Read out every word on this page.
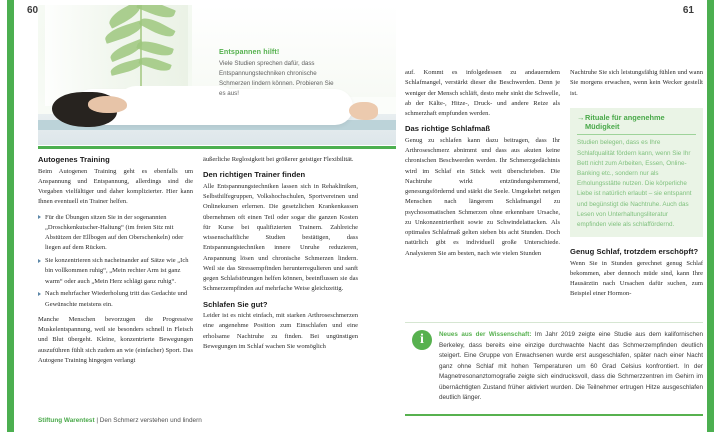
60	61

Entspannen hilft!

Viele Studien sprechen dafür, dass Entspannungstechniken chronische Schmerzen lindern können. Probieren Sie es aus!

Autogenes Training

Beim Autogenen Training geht es ebenfalls um Anspannung und Entspannung, allerdings sind die Vorgaben vielfältiger und daher komplizierter. Hier kann Ihnen eventuell ein Trainer helfen.

Für die Übungen sitzen Sie in der sogenannten „Droschkenkutscher-Haltung“ (im freien Sitz mit Abstützen der Ellbogen auf den Oberschenkeln) oder liegen auf dem Rücken.
Sie konzentrieren sich nacheinander auf Sätze wie „Ich bin vollkommen ruhig“, „Mein rechter Arm ist ganz warm“ oder auch „Mein Herz schlägt ganz ruhig“.
Nach mehrfacher Wiederholung tritt das Gedachte und Gewünschte meistens ein.

Manche Menschen bevorzugen die Progressive Muskelentspannung, weil sie besonders schnell in Fleisch und Blut übergeht. Kleine, konzentrierte Bewegungen auszuführen fühlt sich zudem an wie (einfacher) Sport. Das Autogene Training hingegen verlangt

äußerliche Reglosigkeit bei größerer geistiger Flexibilität.

Den richtigen Trainer finden

Alle Entspannungstechniken lassen sich in Rehakliniken, Selbsthilfegruppen, Volkshochschulen, Sportvereinen und Onlinekursen erlernen. Die gesetzlichen Krankenkassen übernehmen oft einen Teil oder sogar die ganzen Kosten für Kurse bei qualifizierten Trainern. Zahlreiche wissenschaftliche Studien bestätigen, dass Entspannungstechniken innere Unruhe reduzieren, Anspannung lösen und chronische Schmerzen lindern. Weil sie das Stressempfinden herunterregulieren und sanft gegen Schlafstörungen helfen können, beeinflussen sie das Schmerzempfinden auf mehrfache Weise gleichzeitig.

Schlafen Sie gut?

Leider ist es nicht einfach, mit starken Arthroseschmerzen eine angenehme Position zum Einschlafen und eine erholsame Nachtruhe zu finden. Bei ungünstigen Bewegungen im Schlaf wachen Sie womöglich

auf. Kommt es infolgedessen zu andauerndem Schlafmangel, verstärkt dieser die Beschwerden. Denn je weniger der Mensch schläft, desto mehr sinkt die Schwelle, ab der Kälte-, Hitze-, Druck- und andere Reize als schmerzhaft empfunden werden.

Das richtige Schlafmaß

Genug zu schlafen kann dazu beitragen, dass Ihr Arthroseschmerz abnimmt und dass aus akuten keine chronischen Beschwerden werden. Ihr Schmerzgedächtnis wird im Schlaf ein Stück weit überschrieben. Die Nachtruhe wirkt entzündungshemmend, genesungsfördernd und stärkt die Seele. Umgekehrt neigen Menschen nach längerem Schlafmangel zu psychosomatischen Schmerzen ohne erkennbare Ursache, zu Unkonzentriertheit sowie zu Schwindelattacken. Als optimales Schlafmaß gelten sieben bis acht Stunden. Doch natürlich gibt es individuell große Unterschiede. Analysieren Sie am besten, nach wie vielen Stunden

Nachtruhe Sie sich leistungsfähig fühlen und wann Sie morgens erwachen, wenn kein Wecker gestellt ist.

→ Rituale für angenehme Müdigkeit

Studien belegen, dass es Ihre Schlafqualität fördern kann, wenn Sie Ihr Bett nicht zum Arbeiten, Essen, Online-Banking etc., sondern nur als Erholungsstätte nutzen. Die körperliche Liebe ist natürlich erlaubt – sie entspannt und begünstigt die Nachtruhe. Auch das Lesen von Unterhaltungsliteratur empfinden viele als schlaffördernd.

Genug Schlaf, trotzdem erschöpft?

Wenn Sie in Stunden gerechnet genug Schlaf bekommen, aber dennoch müde sind, kann Ihre Hausärztin nach Ursachen dafür suchen, zum Beispiel einer Hormon-

i	Neues aus der Wissenschaft: Im Jahr 2019 zeigte eine Studie aus dem kalifornischen Berkeley, dass bereits eine einzige durchwachte Nacht das Schmerzempfinden deutlich steigert. Eine Gruppe von Erwachsenen wurde erst ausgeschlafen, später nach einer Nacht ganz ohne Schlaf mit hohen Temperaturen um 60 Grad Celsius konfrontiert. In der Magnetresonanztomografie zeigte sich eindrucksvoll, dass die Schmerzzentren im Gehirn im übernächtigten Zustand früher aktiviert wurden. Die Teilnehmer ertrugen Hitze ausgeschlafen deutlich länger.

Stiftung Warentest | Den Schmerz verstehen und lindern
